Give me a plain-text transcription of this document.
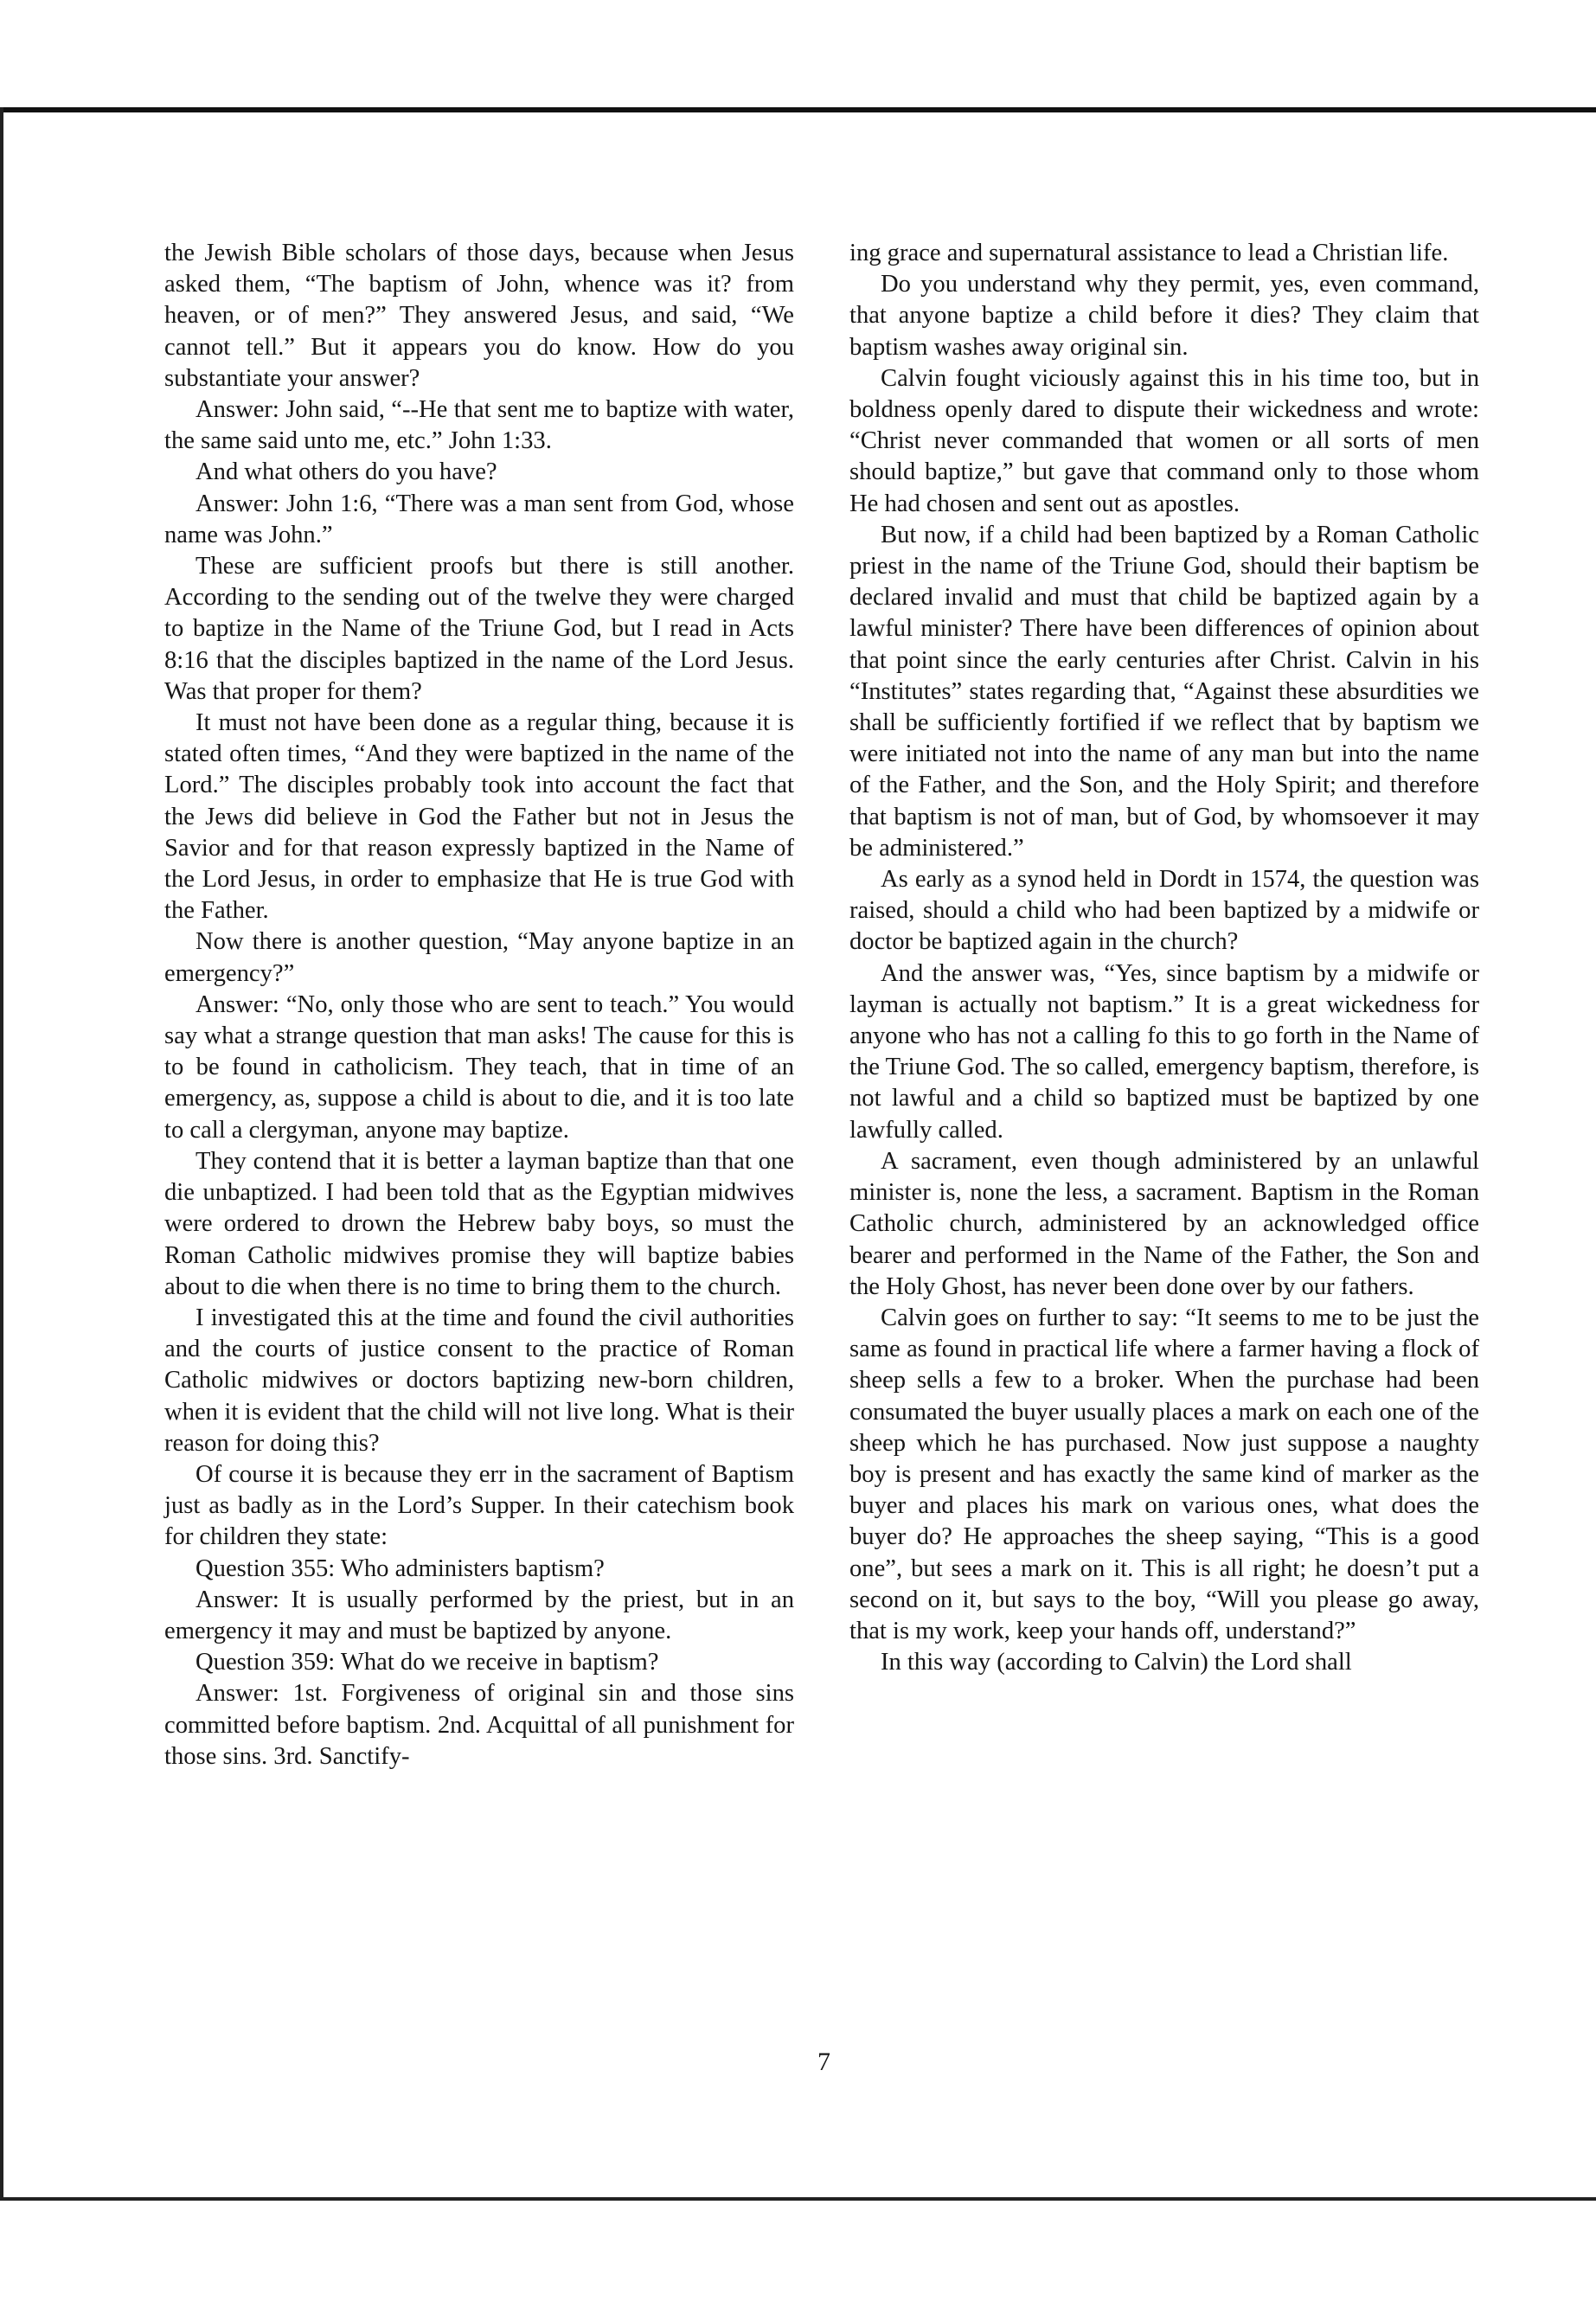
the Jewish Bible scholars of those days, because when Jesus asked them, “The baptism of John, whence was it? from heaven, or of men?” They answered Jesus, and said, “We cannot tell.” But it appears you do know. How do you substantiate your answer?

Answer: John said, “--He that sent me to baptize with water, the same said unto me, etc.” John 1:33.

And what others do you have?

Answer: John 1:6, “There was a man sent from God, whose name was John.”

These are sufficient proofs but there is still another. According to the sending out of the twelve they were charged to baptize in the Name of the Triune God, but I read in Acts 8:16 that the disciples baptized in the name of the Lord Jesus. Was that proper for them?

It must not have been done as a regular thing, because it is stated often times, “And they were baptized in the name of the Lord.” The disciples probably took into account the fact that the Jews did believe in God the Father but not in Jesus the Savior and for that reason expressly baptized in the Name of the Lord Jesus, in order to emphasize that He is true God with the Father.

Now there is another question, “May anyone baptize in an emergency?”

Answer: “No, only those who are sent to teach.” You would say what a strange question that man asks! The cause for this is to be found in catholicism. They teach, that in time of an emergency, as, suppose a child is about to die, and it is too late to call a clergyman, anyone may baptize.

They contend that it is better a layman baptize than that one die unbaptized. I had been told that as the Egyptian midwives were ordered to drown the Hebrew baby boys, so must the Roman Catholic midwives promise they will baptize babies about to die when there is no time to bring them to the church.

I investigated this at the time and found the civil authorities and the courts of justice consent to the practice of Roman Catholic midwives or doctors baptizing new-born children, when it is evident that the child will not live long. What is their reason for doing this?

Of course it is because they err in the sacrament of Baptism just as badly as in the Lord’s Supper. In their catechism book for children they state:

Question 355: Who administers baptism?

Answer: It is usually performed by the priest, but in an emergency it may and must be baptized by anyone.

Question 359: What do we receive in baptism?

Answer: 1st. Forgiveness of original sin and those sins committed before baptism. 2nd. Acquittal of all punishment for those sins. 3rd. Sanctify-

ing grace and supernatural assistance to lead a Christian life.

Do you understand why they permit, yes, even command, that anyone baptize a child before it dies? They claim that baptism washes away original sin.

Calvin fought viciously against this in his time too, but in boldness openly dared to dispute their wickedness and wrote: “Christ never commanded that women or all sorts of men should baptize,” but gave that command only to those whom He had chosen and sent out as apostles.

But now, if a child had been baptized by a Roman Catholic priest in the name of the Triune God, should their baptism be declared invalid and must that child be baptized again by a lawful minister? There have been differences of opinion about that point since the early centuries after Christ. Calvin in his “Institutes” states regarding that, “Against these absurdities we shall be sufficiently fortified if we reflect that by baptism we were initiated not into the name of any man but into the name of the Father, and the Son, and the Holy Spirit; and therefore that baptism is not of man, but of God, by whomsoever it may be administered.”

As early as a synod held in Dordt in 1574, the question was raised, should a child who had been baptized by a midwife or doctor be baptized again in the church?

And the answer was, “Yes, since baptism by a midwife or layman is actually not baptism.” It is a great wickedness for anyone who has not a calling fo this to go forth in the Name of the Triune God. The so called, emergency baptism, therefore, is not lawful and a child so baptized must be baptized by one lawfully called.

A sacrament, even though administered by an unlawful minister is, none the less, a sacrament. Baptism in the Roman Catholic church, administered by an acknowledged office bearer and performed in the Name of the Father, the Son and the Holy Ghost, has never been done over by our fathers.

Calvin goes on further to say: “It seems to me to be just the same as found in practical life where a farmer having a flock of sheep sells a few to a broker. When the purchase had been consumated the buyer usually places a mark on each one of the sheep which he has purchased. Now just suppose a naughty boy is present and has exactly the same kind of marker as the buyer and places his mark on various ones, what does the buyer do? He approaches the sheep saying, “This is a good one”, but sees a mark on it. This is all right; he doesn’t put a second on it, but says to the boy, “Will you please go away, that is my work, keep your hands off, understand?”

In this way (according to Calvin) the Lord shall

7
